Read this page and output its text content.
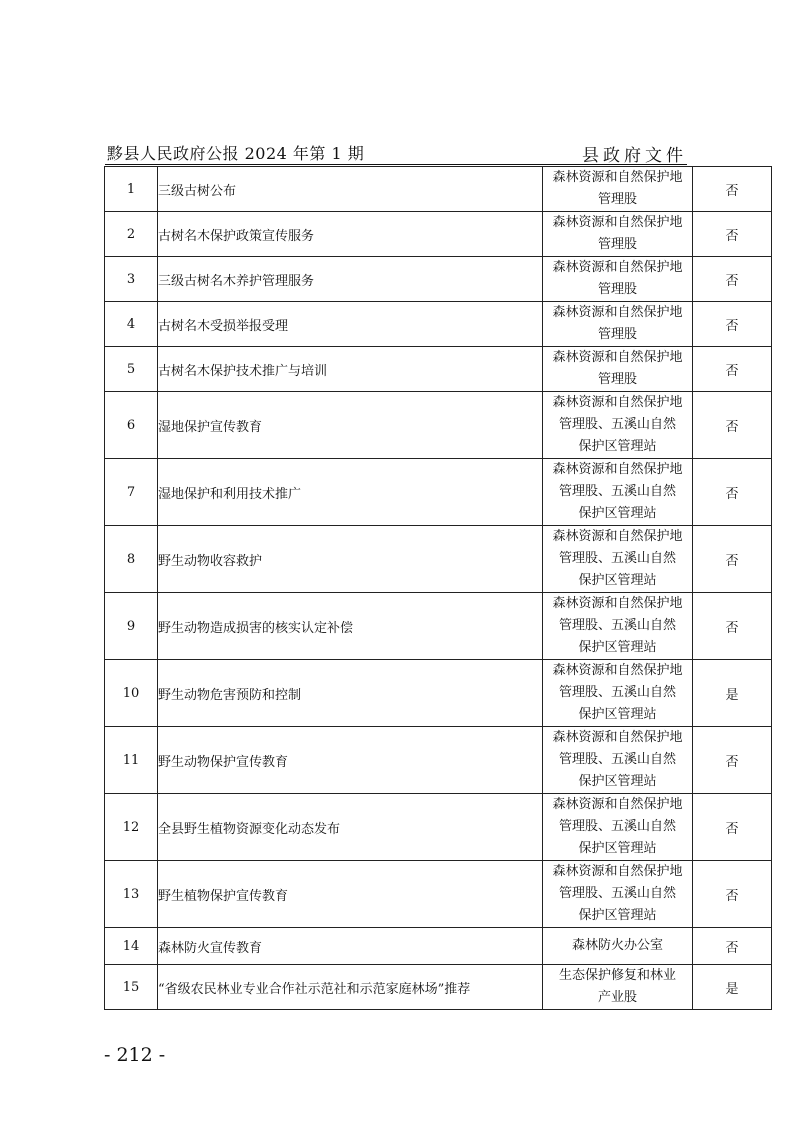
黟县人民政府公报 2024 年第 1 期	县政府文件
1	三级古树公布	森林资源和自然保护地
管理股	否
2	古树名木保护政策宣传服务	森林资源和自然保护地
管理股	否
3	三级古树名木养护管理服务	森林资源和自然保护地
管理股	否
4	古树名木受损举报受理	森林资源和自然保护地
管理股	否
5	古树名木保护技术推广与培训	森林资源和自然保护地
管理股	否
6	湿地保护宣传教育	森林资源和自然保护地
管理股、五溪山自然
保护区管理站	否
7	湿地保护和利用技术推广	森林资源和自然保护地
管理股、五溪山自然
保护区管理站	否
8	野生动物收容救护	森林资源和自然保护地
管理股、五溪山自然
保护区管理站	否
9	野生动物造成损害的核实认定补偿	森林资源和自然保护地
管理股、五溪山自然
保护区管理站	否
10	野生动物危害预防和控制	森林资源和自然保护地
管理股、五溪山自然
保护区管理站	是
11	野生动物保护宣传教育	森林资源和自然保护地
管理股、五溪山自然
保护区管理站	否
12	全县野生植物资源变化动态发布	森林资源和自然保护地
管理股、五溪山自然
保护区管理站	否
13	野生植物保护宣传教育	森林资源和自然保护地
管理股、五溪山自然
保护区管理站	否
14	森林防火宣传教育	森林防火办公室	否
15	“省级农民林业专业合作社示范社和示范家庭林场”推荐	生态保护修复和林业
产业股	是
- 212 -
